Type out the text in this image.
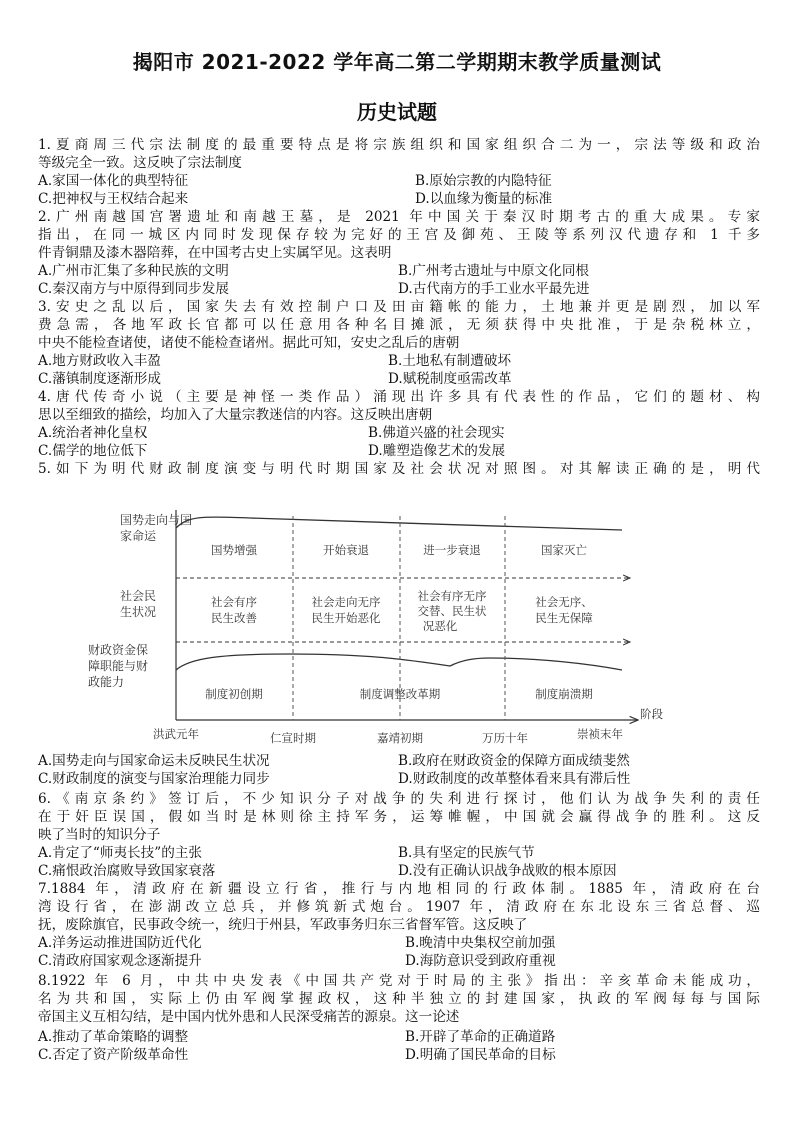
揭阳市 2021-2022 学年高二第二学期期末教学质量测试
历史试题
1.夏商周三代宗法制度的最重要特点是将宗族组织和国家组织合二为一，宗法等级和政治
等级完全一致。这反映了宗法制度
A.家国一体化的典型特征	B.原始宗教的内隐特征
C.把神权与王权结合起来	D.以血缘为衡量的标准
2.广州南越国宫署遗址和南越王墓，是 2021 年中国关于秦汉时期考古的重大成果。专家
指出，在同一城区内同时发现保存较为完好的王宫及御苑、王陵等系列汉代遗存和 1 千多
件青铜鼎及漆木器陪葬，在中国考古史上实属罕见。这表明
A.广州市汇集了多种民族的文明	B.广州考古遗址与中原文化同根
C.秦汉南方与中原得到同步发展	D.古代南方的手工业水平最先进
3.安史之乱以后，国家失去有效控制户口及田亩籍帐的能力，土地兼并更是剧烈，加以军
费急需，各地军政长官都可以任意用各种名目摊派，无须获得中央批准，于是杂税林立，
中央不能检查诸使，诸使不能检查诸州。据此可知，安史之乱后的唐朝
A.地方财政收入丰盈	B.土地私有制遭破坏
C.藩镇制度逐渐形成	D.赋税制度亟需改革
4.唐代传奇小说（主要是神怪一类作品）涌现出许多具有代表性的作品，它们的题材、构
思以至细致的描绘，均加入了大量宗教迷信的内容。这反映出唐朝
A.统治者神化皇权	B.佛道兴盛的社会现实
C.儒学的地位低下	D.雕塑造像艺术的发展
5.如下为明代财政制度演变与明代时期国家及社会状况对照图。对其解读正确的是，明代
国势走向与国
家命运
社会民
生状况
财政资金保
障职能与财
政能力
国势增强	开始衰退	进一步衰退	国家灭亡
社会有序
民生改善
社会走向无序
民生开始恶化
社会有序无序
交替、民生状
况恶化
社会无序、
民生无保障
制度初创期	制度调整改革期	制度崩溃期
洪武元年	仁宣时期	嘉靖初期	万历十年	崇祯末年
阶段
A.国势走向与国家命运未反映民生状况	B.政府在财政资金的保障方面成绩斐然
C.财政制度的演变与国家治理能力同步	D.财政制度的改革整体看来具有滞后性
6.《南京条约》签订后，不少知识分子对战争的失利进行探讨，他们认为战争失利的责任
在于奸臣误国，假如当时是林则徐主持军务，运筹帷幄，中国就会赢得战争的胜利。这反
映了当时的知识分子
A.肯定了“师夷长技”的主张	B.具有坚定的民族气节
C.痛恨政治腐败导致国家衰落	D.没有正确认识战争战败的根本原因
7.1884 年，清政府在新疆设立行省，推行与内地相同的行政体制。1885 年，清政府在台
湾设行省，在澎湖改立总兵，并修筑新式炮台。1907 年，清政府在东北设东三省总督、巡
抚，废除旗官，民事政令统一，统归于州县，军政事务归东三省督军管。这反映了
A.洋务运动推进国防近代化	B.晚清中央集权空前加强
C.清政府国家观念逐渐提升	D.海防意识受到政府重视
8.1922 年 6 月，中共中央发表《中国共产党对于时局的主张》指出：辛亥革命未能成功，
名为共和国，实际上仍由军阀掌握政权，这种半独立的封建国家，执政的军阀每每与国际
帝国主义互相勾结，是中国内忧外患和人民深受痛苦的源泉。这一论述
A.推动了革命策略的调整	B.开辟了革命的正确道路
C.否定了资产阶级革命性	D.明确了国民革命的目标
